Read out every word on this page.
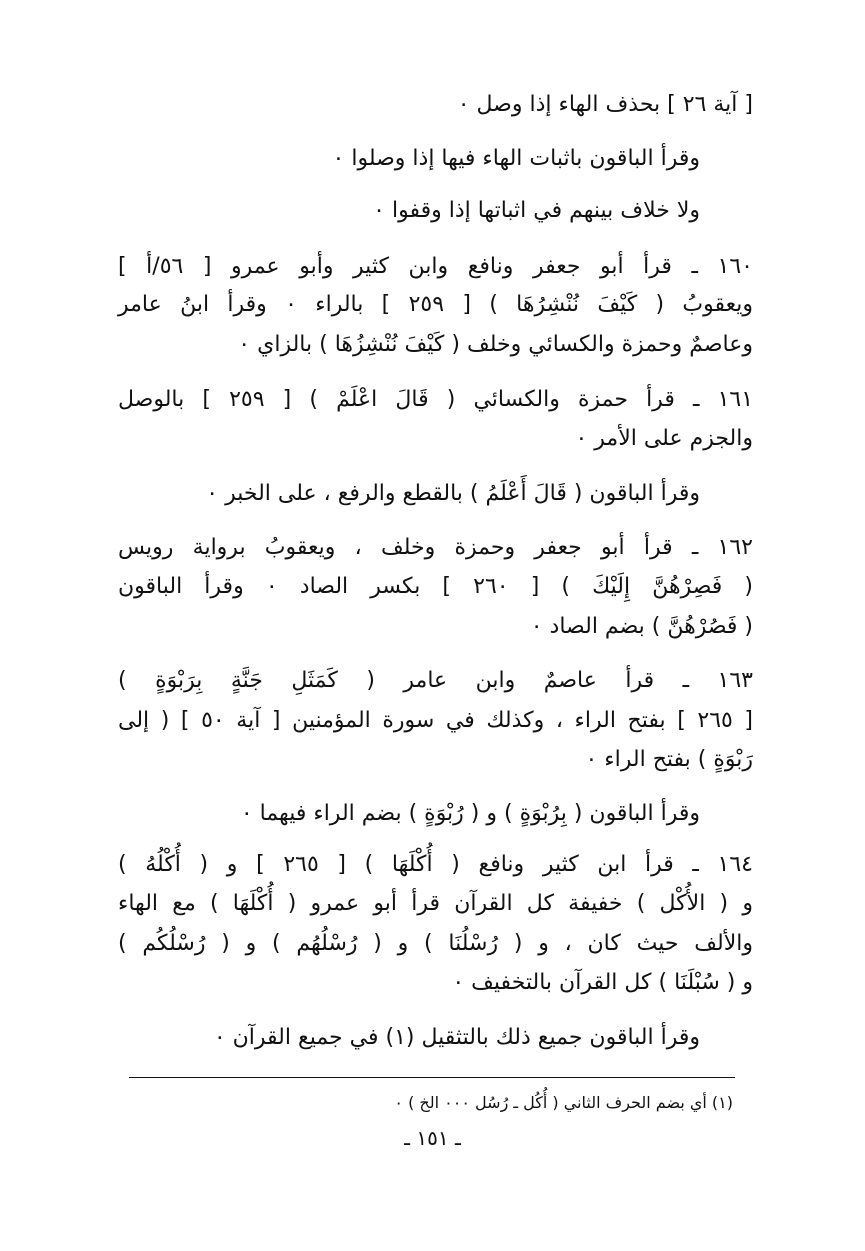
[ آية ٢٦ ] بحذف الهاء إذا وصل ٠
وقرأ الباقون باثبات الهاء فيها إذا وصلوا ٠
ولا خلاف بينهم في اثباتها إذا وقفوا ٠
١٦٠ ـ قرأ أبو جعفر ونافع وابن كثير وأبو عمرو [ ٥٦/أ ]
ويعقوبُ ( كَيْفَ نُنْشِرُهَا ) [ ٢٥٩ ] بالراء ٠ وقرأ ابنُ عامر
وعاصمٌ وحمزة والكسائي وخلف ( كَيْفَ نُنْشِزُهَا ) بالزاي ٠
١٦١ ـ قرأ حمزة والكسائي ( قَالَ اعْلَمْ ) [ ٢٥٩ ] بالوصل
والجزم على الأمر ٠
وقرأ الباقون ( قَالَ أَعْلَمُ ) بالقطع والرفع ، على الخبر ٠
١٦٢ ـ قرأ أبو جعفر وحمزة وخلف ، ويعقوبُ برواية رويس
( فَصِرْهُنَّ إِلَيْكَ ) [ ٢٦٠ ] بكسر الصاد ٠ وقرأ الباقون
( فَصُرْهُنَّ ) بضم الصاد ٠
١٦٣ ـ قرأ عاصمٌ وابن عامر ( كَمَثَلِ جَنَّةٍ بِرَبْوَةٍ )
[ ٢٦٥ ] بفتح الراء ، وكذلك في سورة المؤمنين [ آية ٥٠ ] ( إلى
رَبْوَةٍ ) بفتح الراء ٠
وقرأ الباقون ( بِرُبْوَةٍ ) و ( رُبْوَةٍ ) بضم الراء فيهما ٠
١٦٤ ـ قرأ ابن كثير ونافع ( أُكْلَهَا ) [ ٢٦٥ ] و ( أُكْلُهُ )
و ( الأُكْل ) خفيفة كل القرآن قرأ أبو عمرو ( أُكْلَهَا ) مع الهاء
والألف حيث كان ، و ( رُسْلُنَا ) و ( رُسْلُهُم ) و ( رُسْلُكُم )
و ( سُبْلَنَا ) كل القرآن بالتخفيف ٠
وقرأ الباقون جميع ذلك بالتثقيل (١) في جميع القرآن ٠
(١) أي بضم الحرف الثاني ( أُكُل ـ رُسُل ٠٠٠ الخ ) ٠
ـ ١٥١ ـ
